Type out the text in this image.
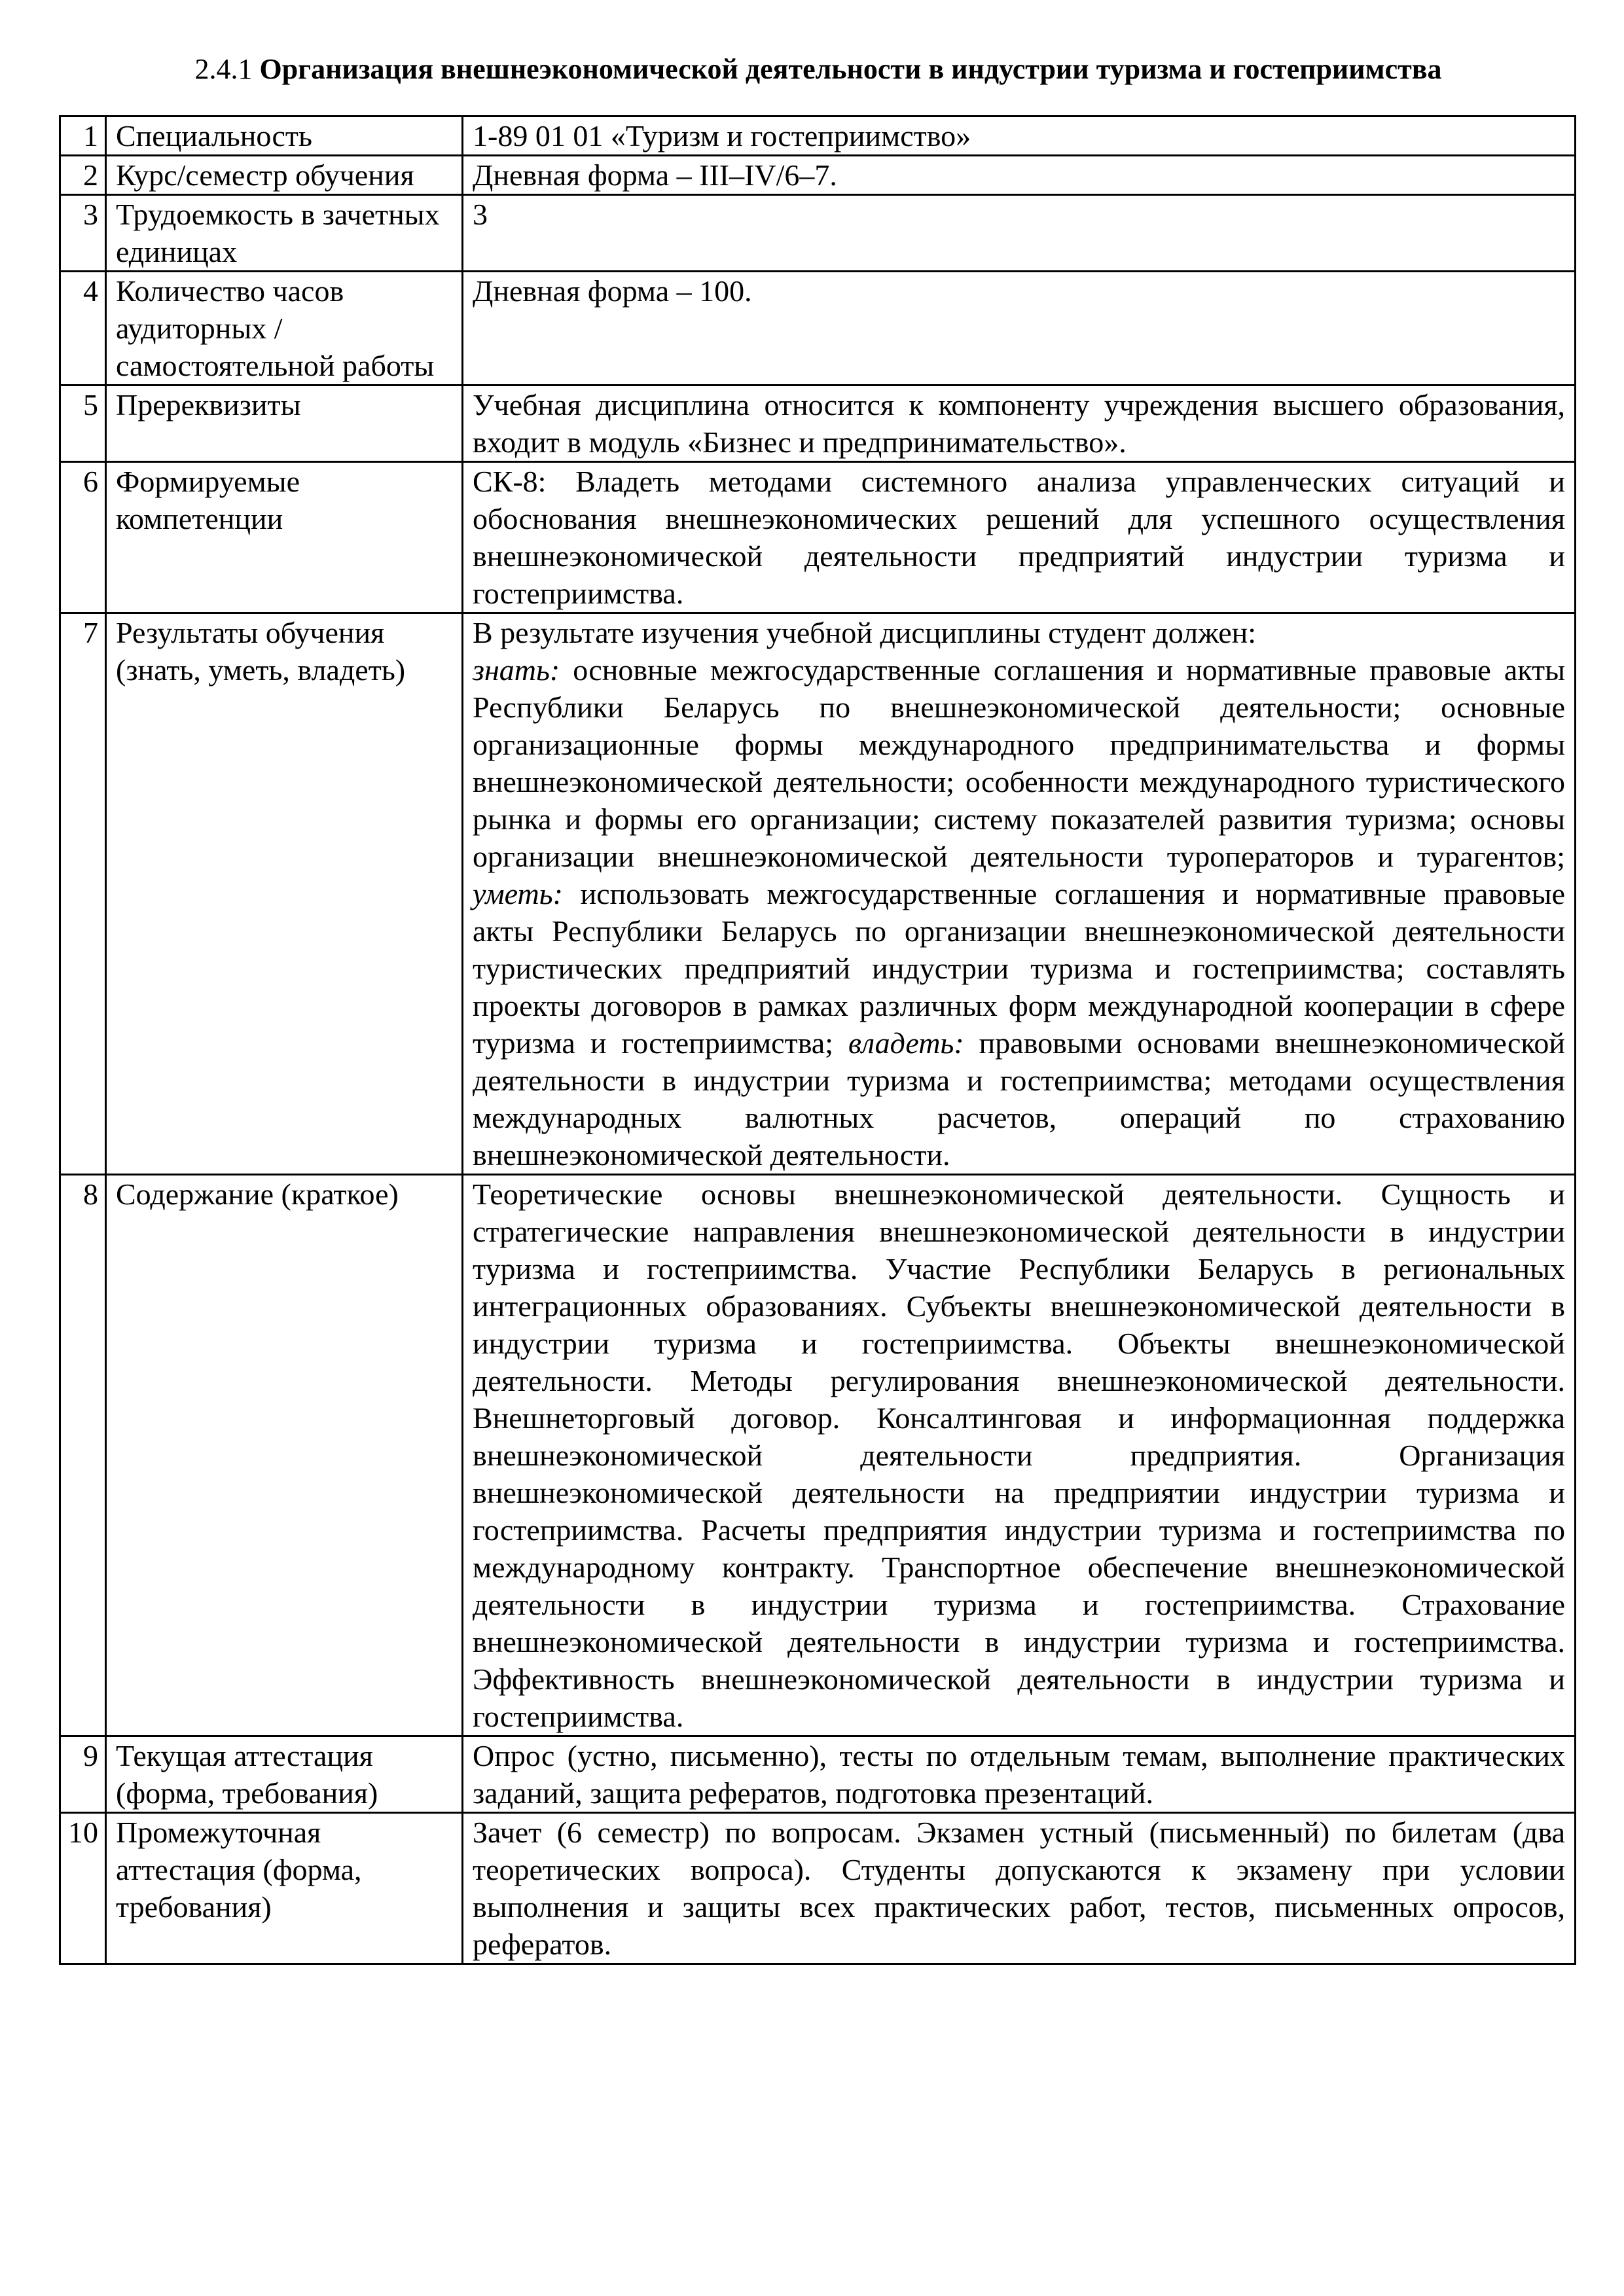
2.4.1 Организация внешнеэкономической деятельности в индустрии туризма и гостеприимства
1	Специальность	1-89 01 01 «Туризм и гостеприимство»
2	Курс/семестр обучения	Дневная форма – III–IV/6–7.
3	Трудоемкость в зачетных единицах	3
4	Количество часов аудиторных / самостоятельной работы	Дневная форма – 100.
5	Пререквизиты	Учебная дисциплина относится к компоненту учреждения высшего образования, входит в модуль «Бизнес и предпринимательство».
6	Формируемые компетенции	СК-8: Владеть методами системного анализа управленческих ситуаций и обоснования внешнеэкономических решений для успешного осуществления внешнеэкономической деятельности предприятий индустрии туризма и гостеприимства.
7	Результаты обучения (знать, уметь, владеть)	В результате изучения учебной дисциплины студент должен:
знать: основные межгосударственные соглашения и нормативные правовые акты Республики Беларусь по внешнеэкономической деятельности; основные организационные формы международного предпринимательства и формы внешнеэкономической деятельности; особенности международного туристического рынка и формы его организации; систему показателей развития туризма; основы организации внешнеэкономической деятельности туроператоров и турагентов; уметь: использовать межгосударственные соглашения и нормативные правовые акты Республики Беларусь по организации внешнеэкономической деятельности туристических предприятий индустрии туризма и гостеприимства; составлять проекты договоров в рамках различных форм международной кооперации в сфере туризма и гостеприимства; владеть: правовыми основами внешнеэкономической деятельности в индустрии туризма и гостеприимства; методами осуществления международных валютных расчетов, операций по страхованию внешнеэкономической деятельности.
8	Содержание (краткое)	Теоретические основы внешнеэкономической деятельности. Сущность и стратегические направления внешнеэкономической деятельности в индустрии туризма и гостеприимства. Участие Республики Беларусь в региональных интеграционных образованиях. Субъекты внешнеэкономической деятельности в индустрии туризма и гостеприимства. Объекты внешнеэкономической деятельности. Методы регулирования внешнеэкономической деятельности. Внешнеторговый договор. Консалтинговая и информационная поддержка внешнеэкономической деятельности предприятия. Организация внешнеэкономической деятельности на предприятии индустрии туризма и гостеприимства. Расчеты предприятия индустрии туризма и гостеприимства по международному контракту. Транспортное обеспечение внешнеэкономической деятельности в индустрии туризма и гостеприимства. Страхование внешнеэкономической деятельности в индустрии туризма и гостеприимства. Эффективность внешнеэкономической деятельности в индустрии туризма и гостеприимства.
9	Текущая аттестация (форма, требования)	Опрос (устно, письменно), тесты по отдельным темам, выполнение практических заданий, защита рефератов, подготовка презентаций.
10	Промежуточная аттестация (форма, требования)	Зачет (6 семестр) по вопросам. Экзамен устный (письменный) по билетам (два теоретических вопроса). Студенты допускаются к экзамену при условии выполнения и защиты всех практических работ, тестов, письменных опросов, рефератов.
